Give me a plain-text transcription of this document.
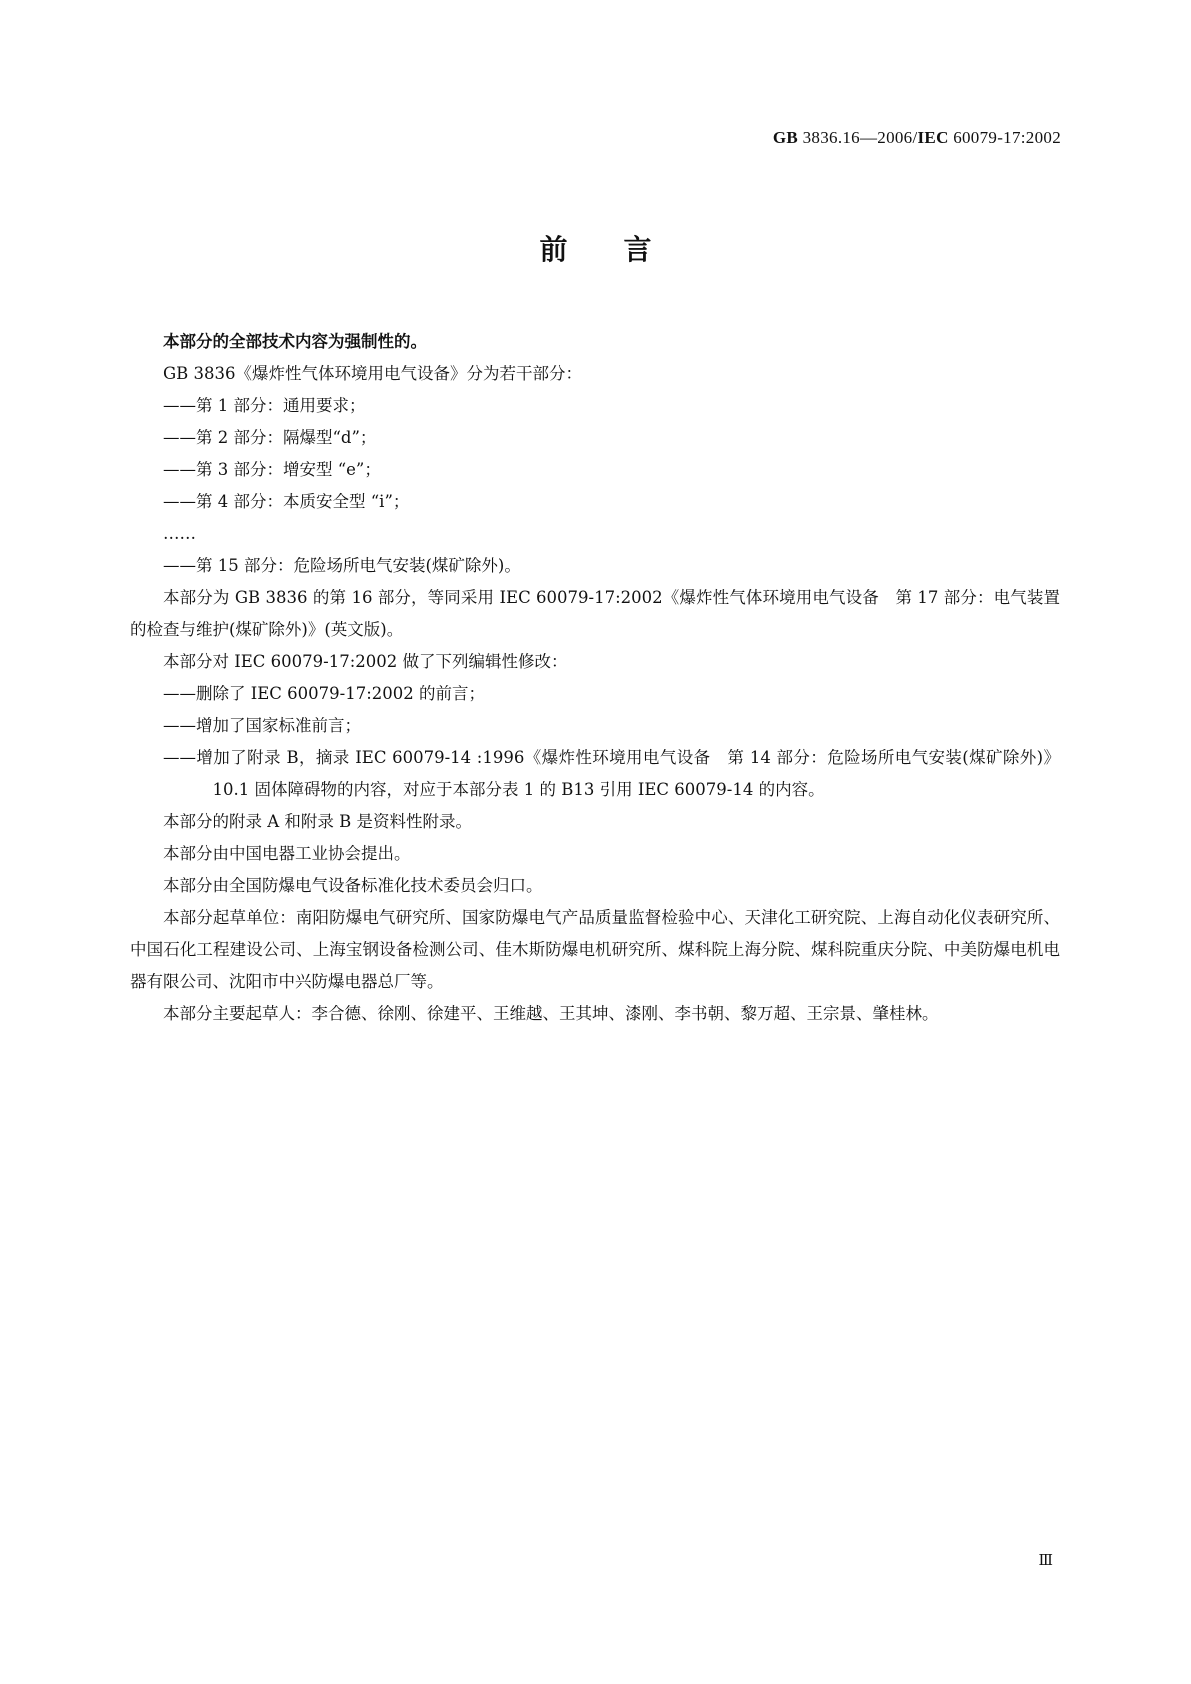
GB 3836.16—2006/IEC 60079-17:2002
前言

本部分的全部技术内容为强制性的。

GB 3836《爆炸性气体环境用电气设备》分为若干部分：

——第 1 部分：通用要求；

——第 2 部分：隔爆型“d”；

——第 3 部分：增安型 “e”；

——第 4 部分：本质安全型 “i”；

……

——第 15 部分：危险场所电气安装(煤矿除外)。

本部分为 GB 3836 的第 16 部分，等同采用 IEC 60079-17:2002《爆炸性气体环境用电气设备　第 17 部分：电气装置的检查与维护(煤矿除外)》(英文版)。

本部分对 IEC 60079-17:2002 做了下列编辑性修改：

——删除了 IEC 60079-17:2002 的前言；

——增加了国家标准前言；

——增加了附录 B，摘录 IEC 60079-14 :1996《爆炸性环境用电气设备　第 14 部分：危险场所电气安装(煤矿除外)》10.1 固体障碍物的内容，对应于本部分表 1 的 B13 引用 IEC 60079-14 的内容。

本部分的附录 A 和附录 B 是资料性附录。

本部分由中国电器工业协会提出。

本部分由全国防爆电气设备标准化技术委员会归口。

本部分起草单位：南阳防爆电气研究所、国家防爆电气产品质量监督检验中心、天津化工研究院、上海自动化仪表研究所、中国石化工程建设公司、上海宝钢设备检测公司、佳木斯防爆电机研究所、煤科院上海分院、煤科院重庆分院、中美防爆电机电器有限公司、沈阳市中兴防爆电器总厂等。

本部分主要起草人：李合德、徐刚、徐建平、王维越、王其坤、漆刚、李书朝、黎万超、王宗景、肇桂林。

Ⅲ
